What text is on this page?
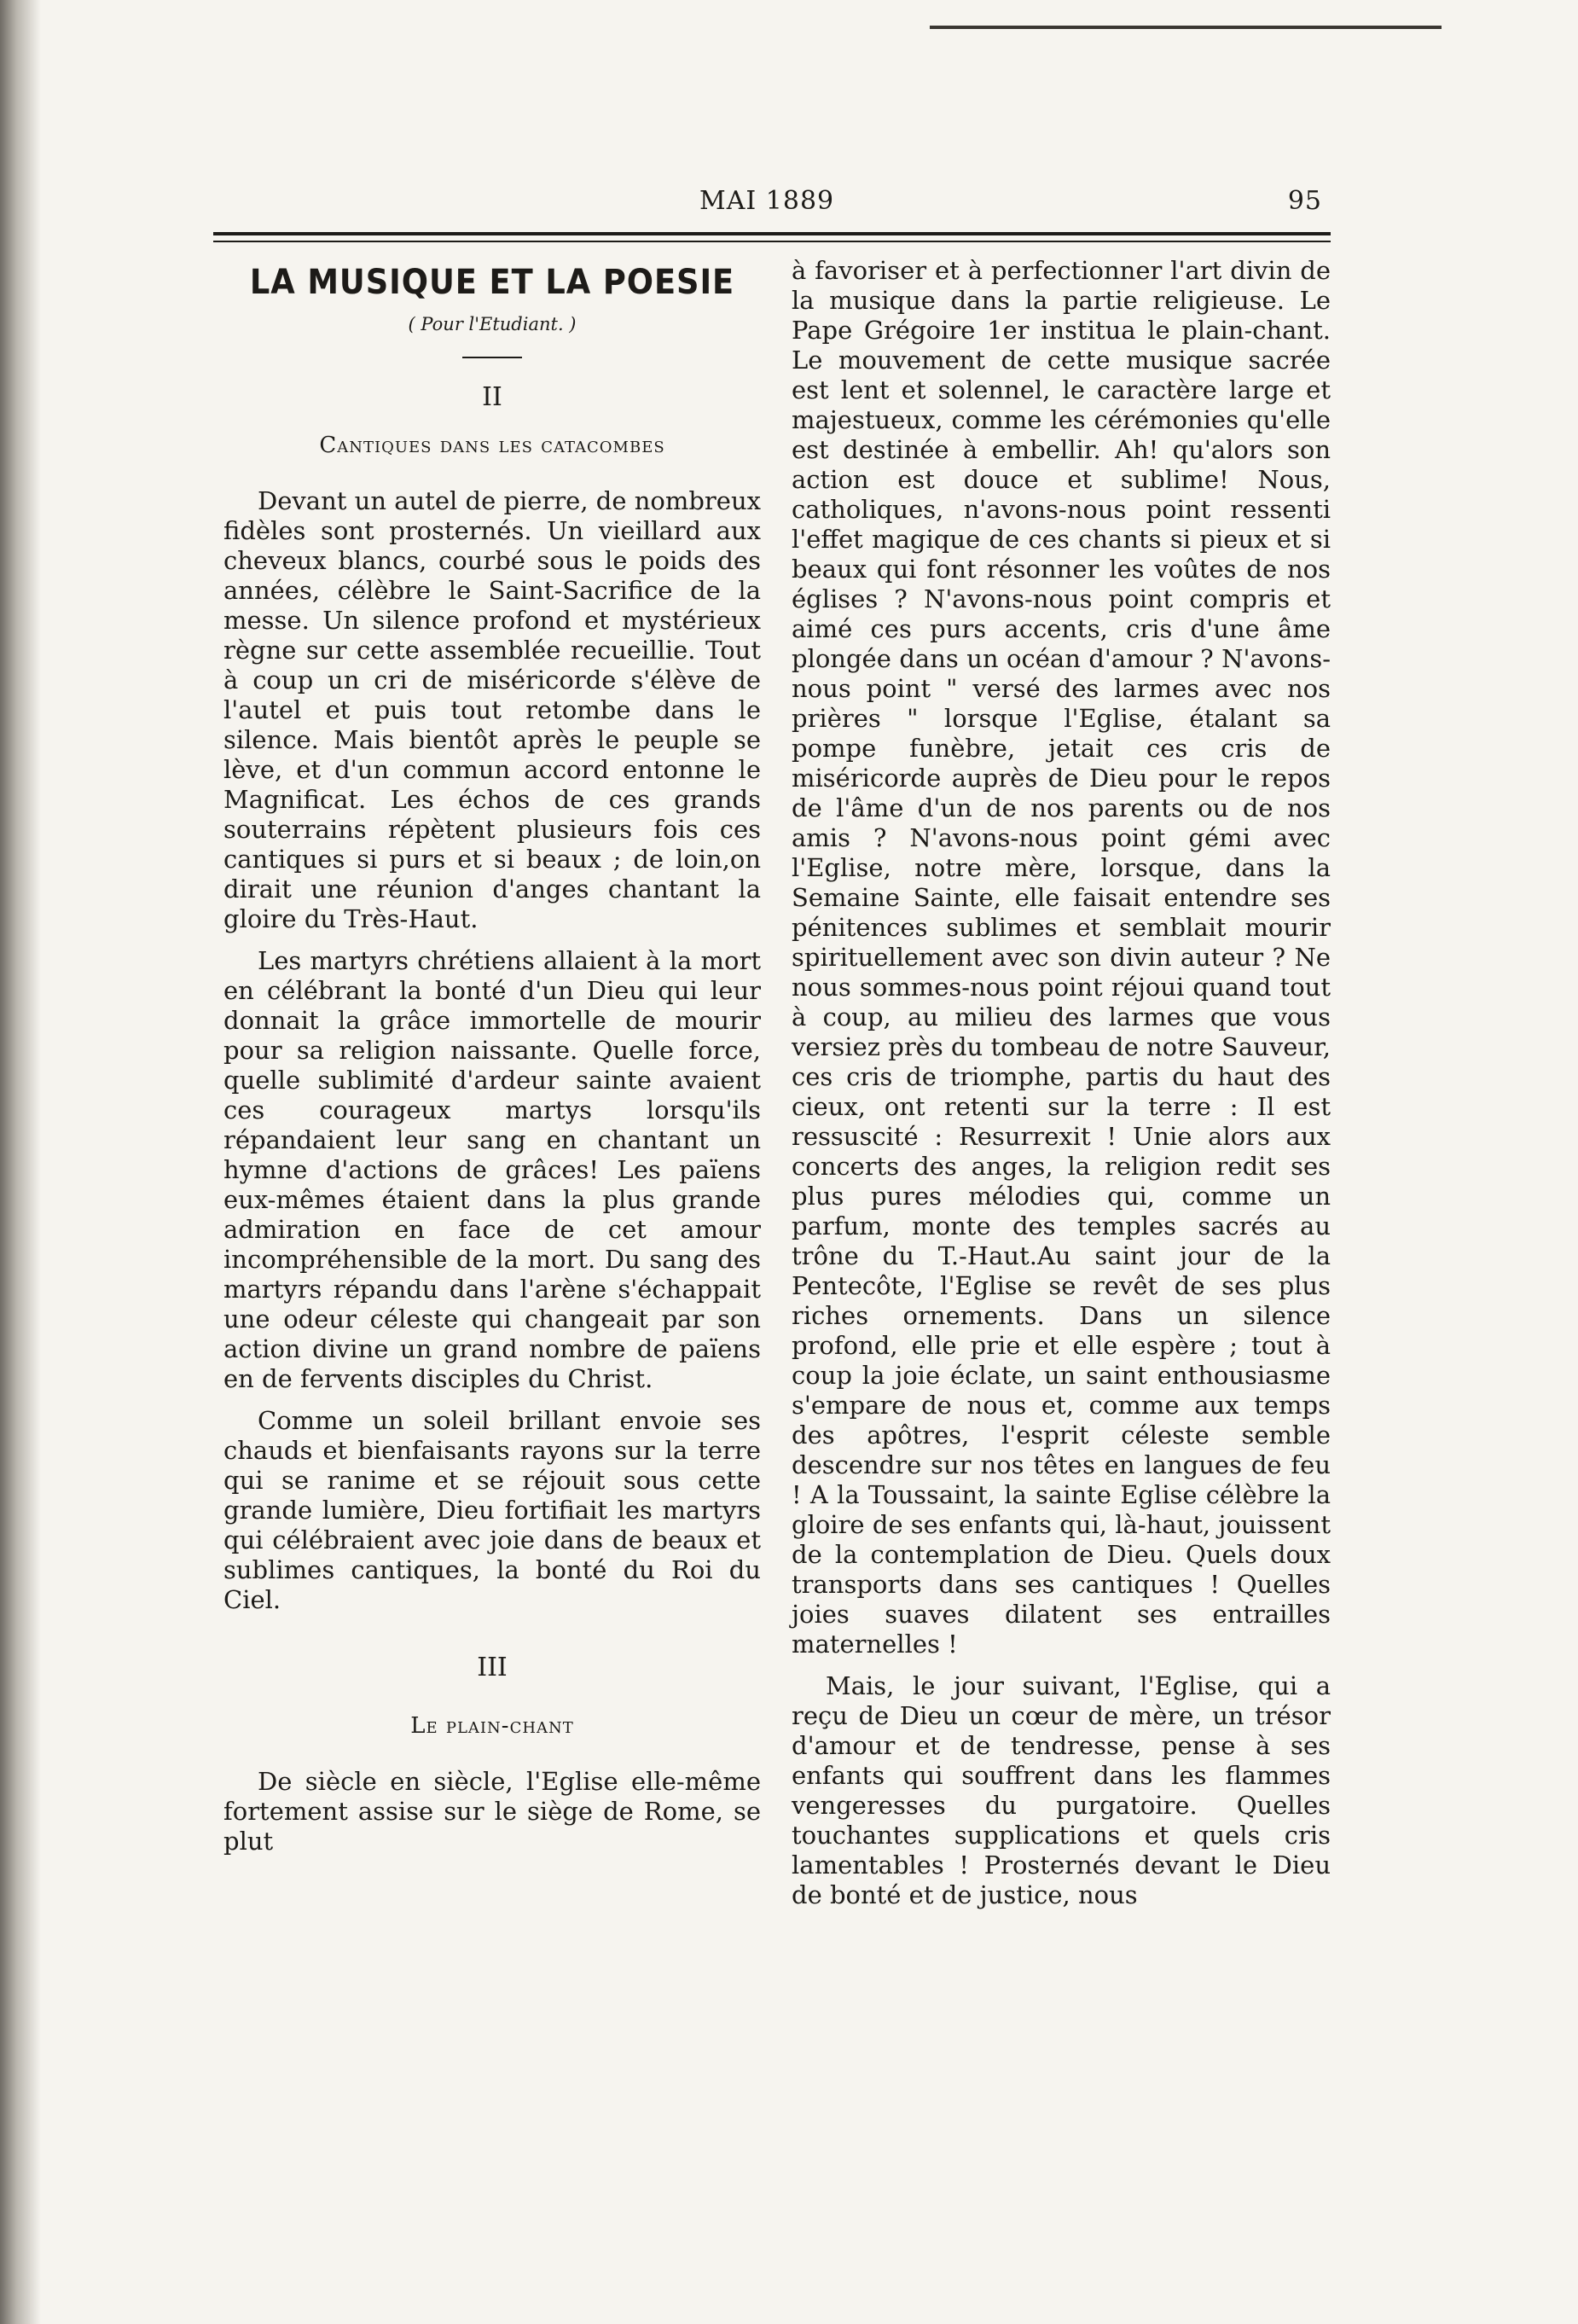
MAI 1889	95
LA MUSIQUE ET LA POESIE
( Pour l'Etudiant. )
II
Cantiques dans les catacombes

Devant un autel de pierre, de nombreux fidèles sont prosternés. Un vieillard aux cheveux blancs, courbé sous le poids des années, célèbre le Saint-Sacrifice de la messe. Un silence profond et mystérieux règne sur cette assemblée recueillie. Tout à coup un cri de miséricorde s'élève de l'autel et puis tout retombe dans le silence. Mais bientôt après le peuple se lève, et d'un commun accord entonne le Magnificat. Les échos de ces grands souterrains répètent plusieurs fois ces cantiques si purs et si beaux ; de loin,on dirait une réunion d'anges chantant la gloire du Très-Haut.

Les martyrs chrétiens allaient à la mort en célébrant la bonté d'un Dieu qui leur donnait la grâce immortelle de mourir pour sa religion naissante. Quelle force, quelle sublimité d'ardeur sainte avaient ces courageux martys lorsqu'ils répandaient leur sang en chantant un hymne d'actions de grâces! Les païens eux-mêmes étaient dans la plus grande admiration en face de cet amour incompréhensible de la mort. Du sang des martyrs répandu dans l'arène s'échappait une odeur céleste qui changeait par son action divine un grand nombre de païens en de fervents disciples du Christ.

Comme un soleil brillant envoie ses chauds et bienfaisants rayons sur la terre qui se ranime et se réjouit sous cette grande lumière, Dieu fortifiait les martyrs qui célébraient avec joie dans de beaux et sublimes cantiques, la bonté du Roi du Ciel.

III
Le plain-chant

De siècle en siècle, l'Eglise elle-même fortement assise sur le siège de Rome, se plut

à favoriser et à perfectionner l'art divin de la musique dans la partie religieuse. Le Pape Grégoire 1er institua le plain-chant. Le mouvement de cette musique sacrée est lent et solennel, le caractère large et majestueux, comme les cérémonies qu'elle est destinée à embellir. Ah! qu'alors son action est douce et sublime! Nous, catholiques, n'avons-nous point ressenti l'effet magique de ces chants si pieux et si beaux qui font résonner les voûtes de nos églises ? N'avons-nous point compris et aimé ces purs accents, cris d'une âme plongée dans un océan d'amour ? N'avons-nous point " versé des larmes avec nos prières " lorsque l'Eglise, étalant sa pompe funèbre, jetait ces cris de miséricorde auprès de Dieu pour le repos de l'âme d'un de nos parents ou de nos amis ? N'avons-nous point gémi avec l'Eglise, notre mère, lorsque, dans la Semaine Sainte, elle faisait entendre ses pénitences sublimes et semblait mourir spirituellement avec son divin auteur ? Ne nous sommes-nous point réjoui quand tout à coup, au milieu des larmes que vous versiez près du tombeau de notre Sauveur, ces cris de triomphe, partis du haut des cieux, ont retenti sur la terre : Il est ressuscité : Resurrexit ! Unie alors aux concerts des anges, la religion redit ses plus pures mélodies qui, comme un parfum, monte des temples sacrés au trône du T.-Haut.Au saint jour de la Pentecôte, l'Eglise se revêt de ses plus riches ornements. Dans un silence profond, elle prie et elle espère ; tout à coup la joie éclate, un saint enthousiasme s'empare de nous et, comme aux temps des apôtres, l'esprit céleste semble descendre sur nos têtes en langues de feu ! A la Toussaint, la sainte Eglise célèbre la gloire de ses enfants qui, là-haut, jouissent de la contemplation de Dieu. Quels doux transports dans ses cantiques ! Quelles joies suaves dilatent ses entrailles maternelles !

Mais, le jour suivant, l'Eglise, qui a reçu de Dieu un cœur de mère, un trésor d'amour et de tendresse, pense à ses enfants qui souffrent dans les flammes vengeresses du purgatoire. Quelles touchantes supplications et quels cris lamentables ! Prosternés devant le Dieu de bonté et de justice, nous
